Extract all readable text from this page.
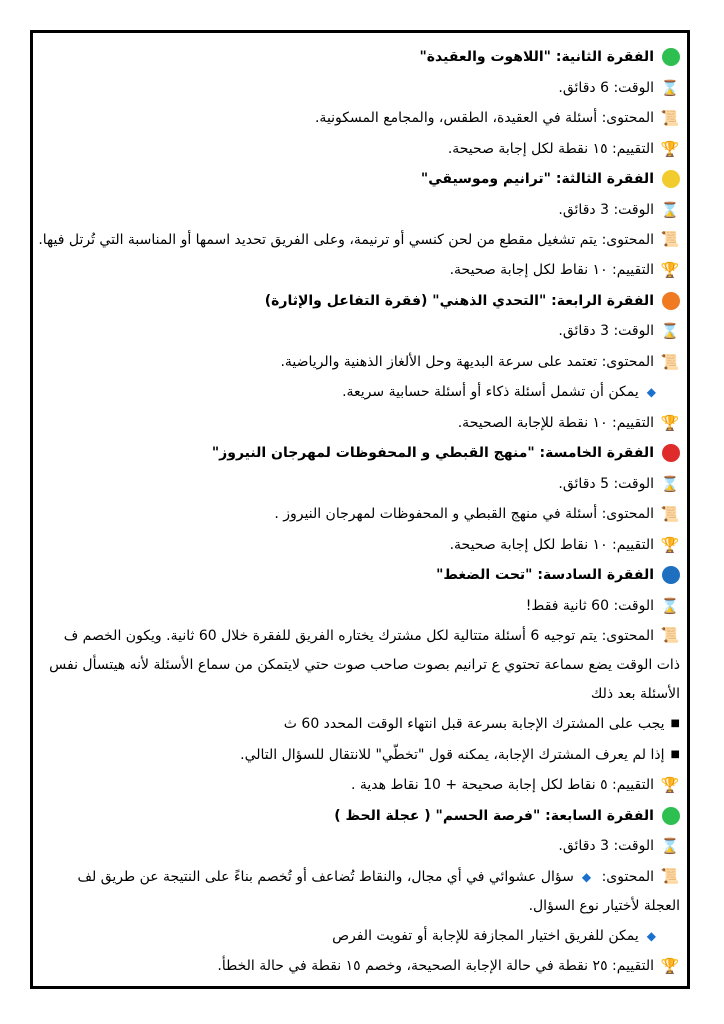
الفقرة الثانية: "اللاهوت والعقيدة"
⌛
الوقت: 6 دقائق.
📜
المحتوى: أسئلة في العقيدة، الطقس، والمجامع المسكونية.
🏆
التقييم: ١٥ نقطة لكل إجابة صحيحة.
الفقرة الثالثة: "ترانيم وموسيقي"
⌛
الوقت: 3 دقائق.
📜المحتوى: يتم تشغيل مقطع من لحن كنسي أو ترنيمة، وعلى الفريق تحديد اسمها أو المناسبة التي تُرتل فيها.
🏆
التقييم: ١٠ نقاط لكل إجابة صحيحة.
الفقرة الرابعة: "التحدي الذهني" (فقرة التفاعل والإثارة)
⌛
الوقت: 3 دقائق.
📜
المحتوى: تعتمد على سرعة البديهة وحل الألغاز الذهنية والرياضية.
◆
يمكن أن تشمل أسئلة ذكاء أو أسئلة حسابية سريعة.
🏆
التقييم: ١٠ نقطة للإجابة الصحيحة.
الفقرة الخامسة: "منهج القبطي و المحفوظات لمهرجان النيروز"
⌛
الوقت: 5 دقائق.
📜
المحتوى: أسئلة في منهج القبطي و المحفوظات لمهرجان النيروز .
🏆
التقييم: ١٠ نقاط لكل إجابة صحيحة.
الفقرة السادسة: "تحت الضغط"
⌛
الوقت: 60 ثانية فقط!
📜المحتوى: يتم توجيه 6 أسئلة متتالية لكل مشترك يختاره الفريق للفقرة خلال 60 ثانية. ويكون الخصم ف ذات الوقت يضع سماعة تحتوي ع ترانيم بصوت صاحب صوت حتي لايتمكن من سماع الأسئلة لأنه هيتسأل نفس الأسئلة بعد ذلك
■
يجب على المشترك الإجابة بسرعة قبل انتهاء الوقت المحدد 60 ث
■
إذا لم يعرف المشترك الإجابة، يمكنه قول "تخطّي" للانتقال للسؤال التالي.
🏆
التقييم: ٥ نقاط لكل إجابة صحيحة + 10 نقاط هدية .
الفقرة السابعة: "فرصة الحسم" ( عجلة الحظ )
⌛
الوقت: 3 دقائق.
📜المحتوى: ◆سؤال عشوائي في أي مجال، والنقاط تُضاعف أو تُخصم بناءً على النتيجة عن طريق لف العجلة لأختيار نوع السؤال.
◆
يمكن للفريق اختيار المجازفة للإجابة أو تفويت الفرص
🏆
التقييم: ٢٥ نقطة في حالة الإجابة الصحيحة، وخصم ١٥ نقطة في حالة الخطأ.
